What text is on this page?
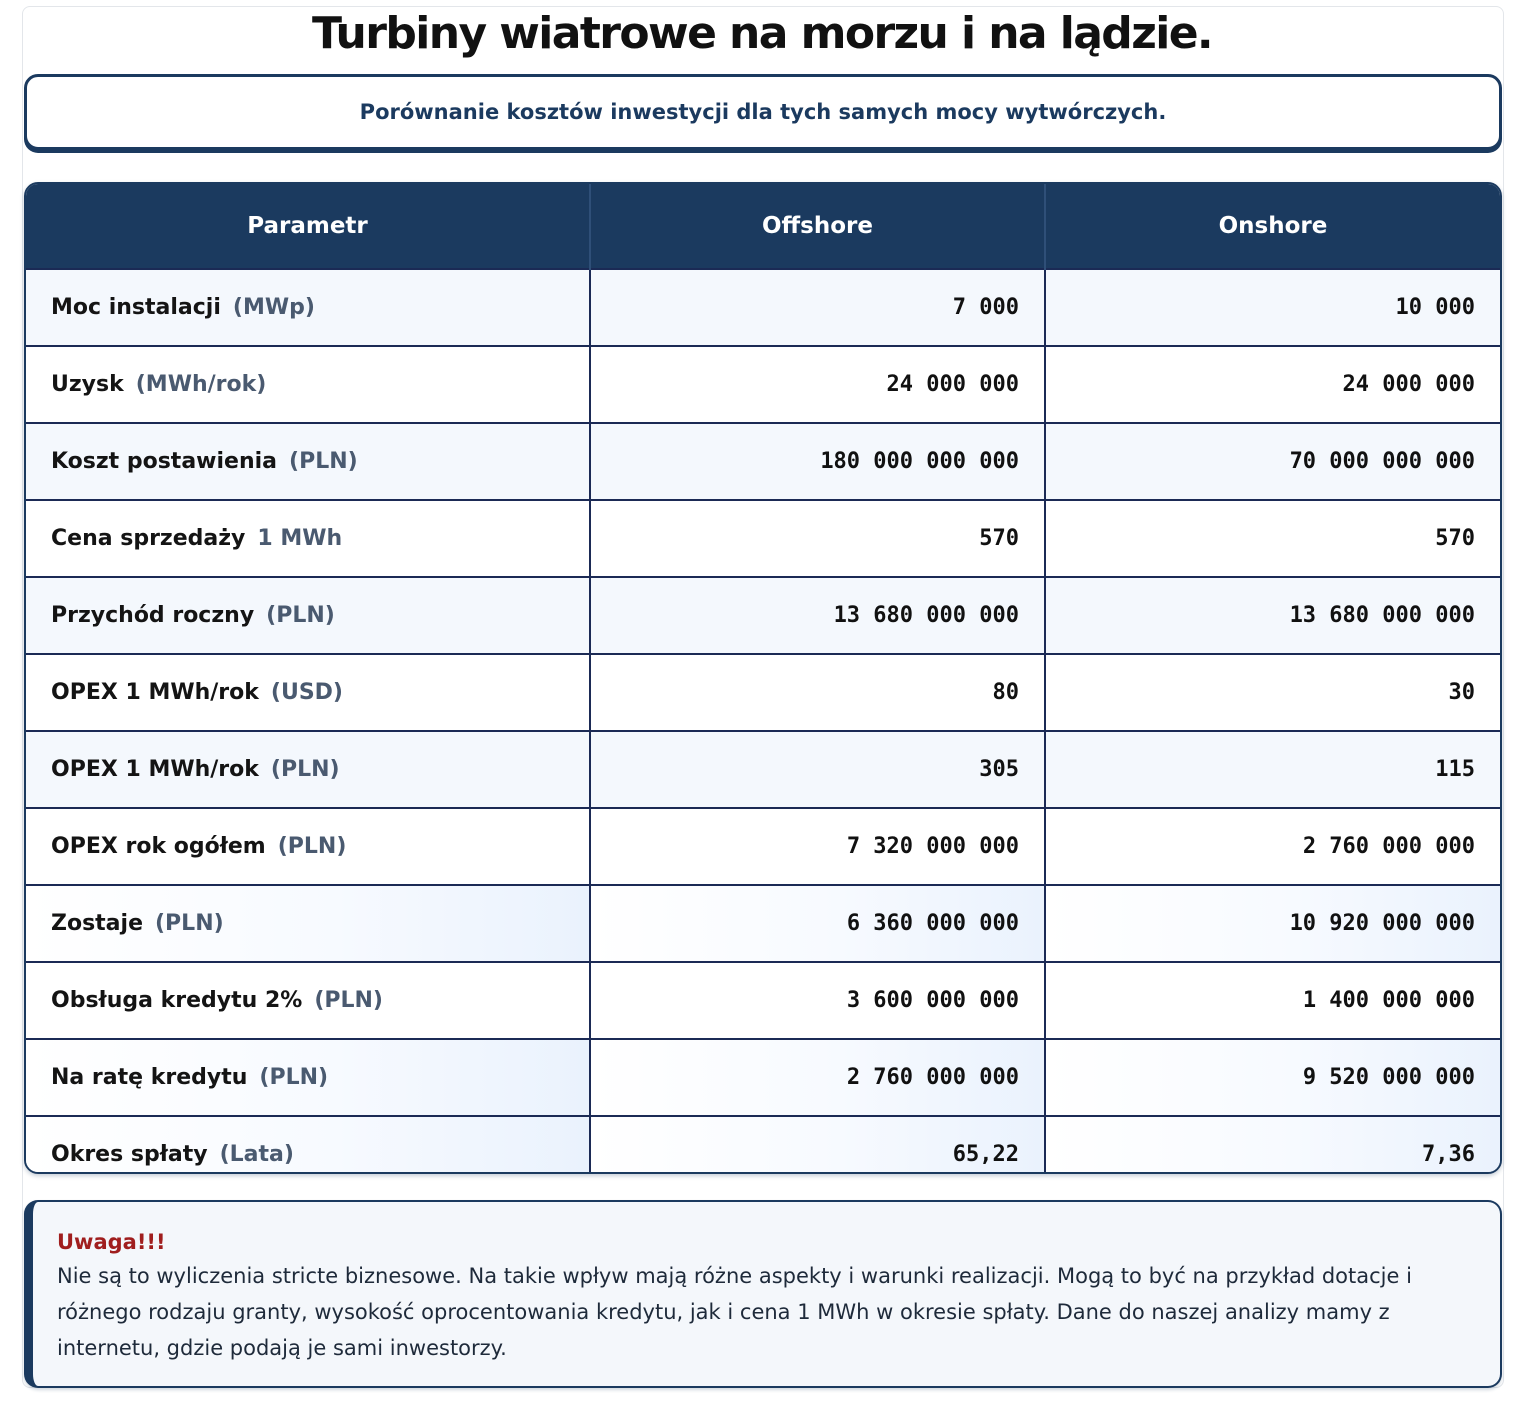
Turbiny wiatrowe na morzu i na lądzie.
Porównanie kosztów inwestycji dla tych samych mocy wytwórczych.
Parametr	Offshore	Onshore
Moc instalacji (MWp)	7 000	10 000
Uzysk (MWh/rok)	24 000 000	24 000 000
Koszt postawienia (PLN)	180 000 000 000	70 000 000 000
Cena sprzedaży 1 MWh	570	570
Przychód roczny (PLN)	13 680 000 000	13 680 000 000
OPEX 1 MWh/rok (USD)	80	30
OPEX 1 MWh/rok (PLN)	305	115
OPEX rok ogółem (PLN)	7 320 000 000	2 760 000 000
Zostaje (PLN)	6 360 000 000	10 920 000 000
Obsługa kredytu 2% (PLN)	3 600 000 000	1 400 000 000
Na ratę kredytu (PLN)	2 760 000 000	9 520 000 000
Okres spłaty (Lata)	65,22	7,36
Uwaga!!!
Nie są to wyliczenia stricte biznesowe. Na takie wpływ mają różne aspekty i warunki realizacji. Mogą to być na przykład dotacje i różnego rodzaju granty, wysokość oprocentowania kredytu, jak i cena 1 MWh w okresie spłaty. Dane do naszej analizy mamy z internetu, gdzie podają je sami inwestorzy.
